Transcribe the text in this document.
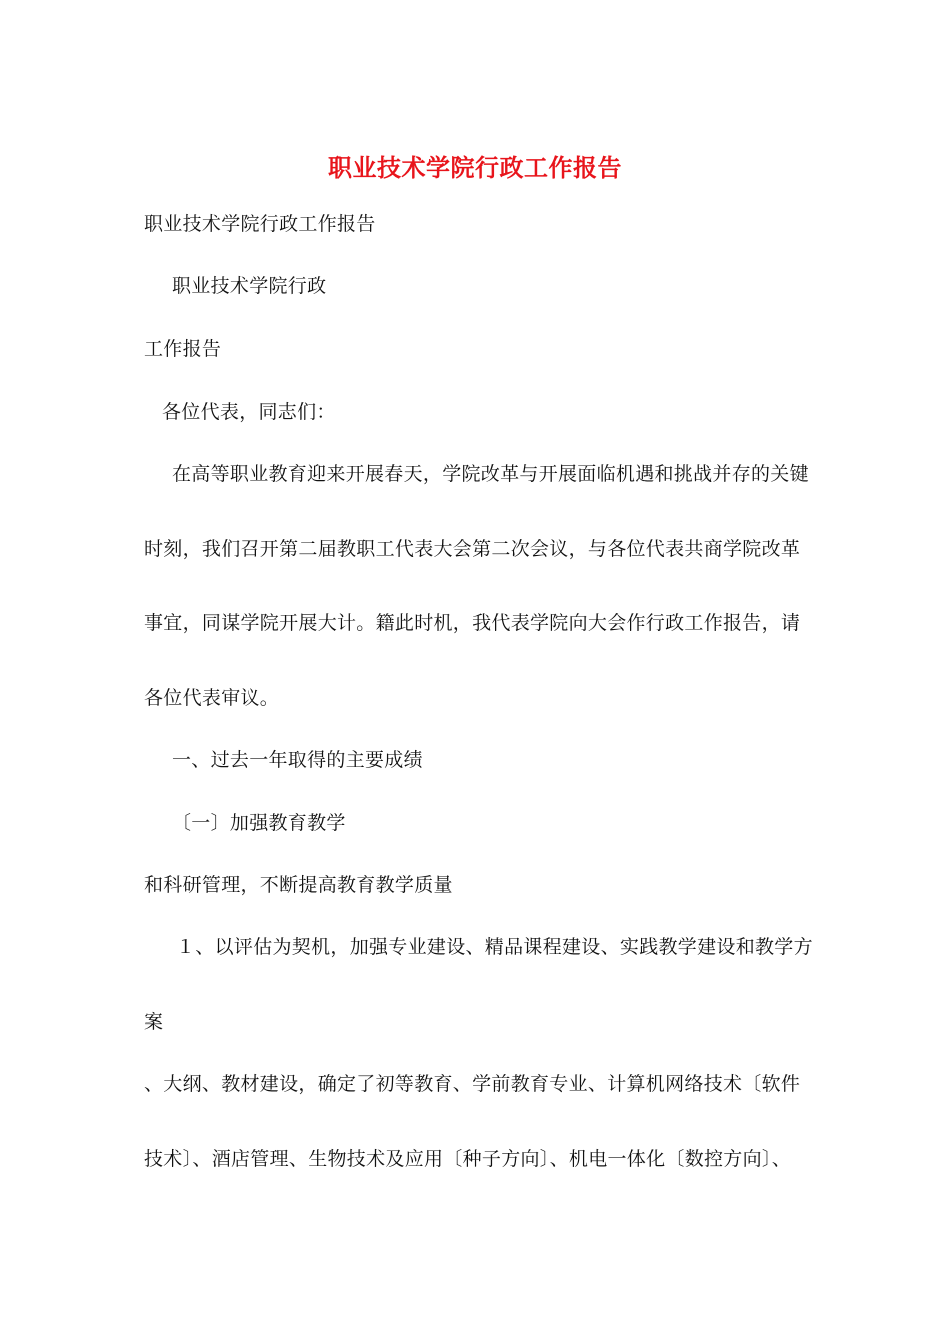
职业技术学院行政工作报告
职业技术学院行政工作报告
职业技术学院行政
工作报告
各位代表，同志们：
在高等职业教育迎来开展春天，学院改革与开展面临机遇和挑战并存的关键
时刻，我们召开第二届教职工代表大会第二次会议，与各位代表共商学院改革
事宜，同谋学院开展大计。籍此时机，我代表学院向大会作行政工作报告，请
各位代表审议。
一、过去一年取得的主要成绩
〔一〕加强教育教学
和科研管理，不断提高教育教学质量
１、以评估为契机，加强专业建设、精品课程建设、实践教学建设和教学方
案
、大纲、教材建设，确定了初等教育、学前教育专业、计算机网络技术〔软件
技术〕、酒店管理、生物技术及应用〔种子方向〕、机电一体化〔数控方向〕、
